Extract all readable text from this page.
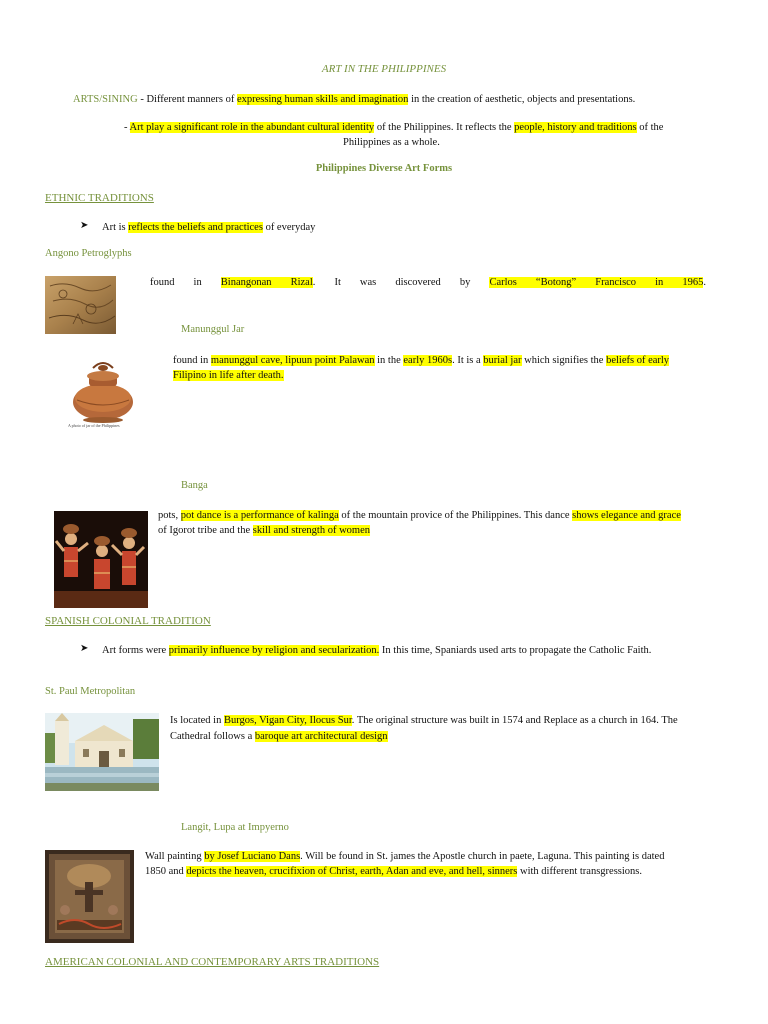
ART IN THE PHILIPPINES
ARTS/SINING - Different manners of expressing human skills and imagination in the creation of aesthetic, objects and presentations.
- Art play a significant role in the abundant cultural identity of the Philippines. It reflects the people, history and traditions of the
Philippines as a whole.
Philippines Diverse Art Forms
ETHNIC TRADITIONS
➤ Art is reflects the beliefs and practices of everyday
Angono Petroglyphs
found in Binangonan Rizal. It was discovered by Carlos “Botong” Francisco in 1965.
Manunggul Jar
A photo of jar of the Philippines
found in manunggul cave, lipuun point Palawan in the early 1960s. It is a burial jar which signifies the beliefs of early
Filipino in life after death.
Banga
pots, pot dance is a performance of kalinga of the mountain provice of the Philippines. This dance shows elegance and grace
of Igorot tribe and the skill and strength of women
SPANISH COLONIAL TRADITION
➤ Art forms were primarily influence by religion and secularization. In this time, Spaniards used arts to propagate the Catholic Faith.
St. Paul Metropolitan
Is located in Burgos, Vigan City, Ilocus Sur. The original structure was built in 1574 and Replace as a church in 164. The
Cathedral follows a baroque art architectural design
Langit, Lupa at Impyerno
Wall painting by Josef Luciano Dans. Will be found in St. james the Apostle church in paete, Laguna. This painting is dated
1850 and depicts the heaven, crucifixion of Christ, earth, Adan and eve, and hell, sinners with different transgressions.
AMERICAN COLONIAL AND CONTEMPORARY ARTS TRADITIONS
